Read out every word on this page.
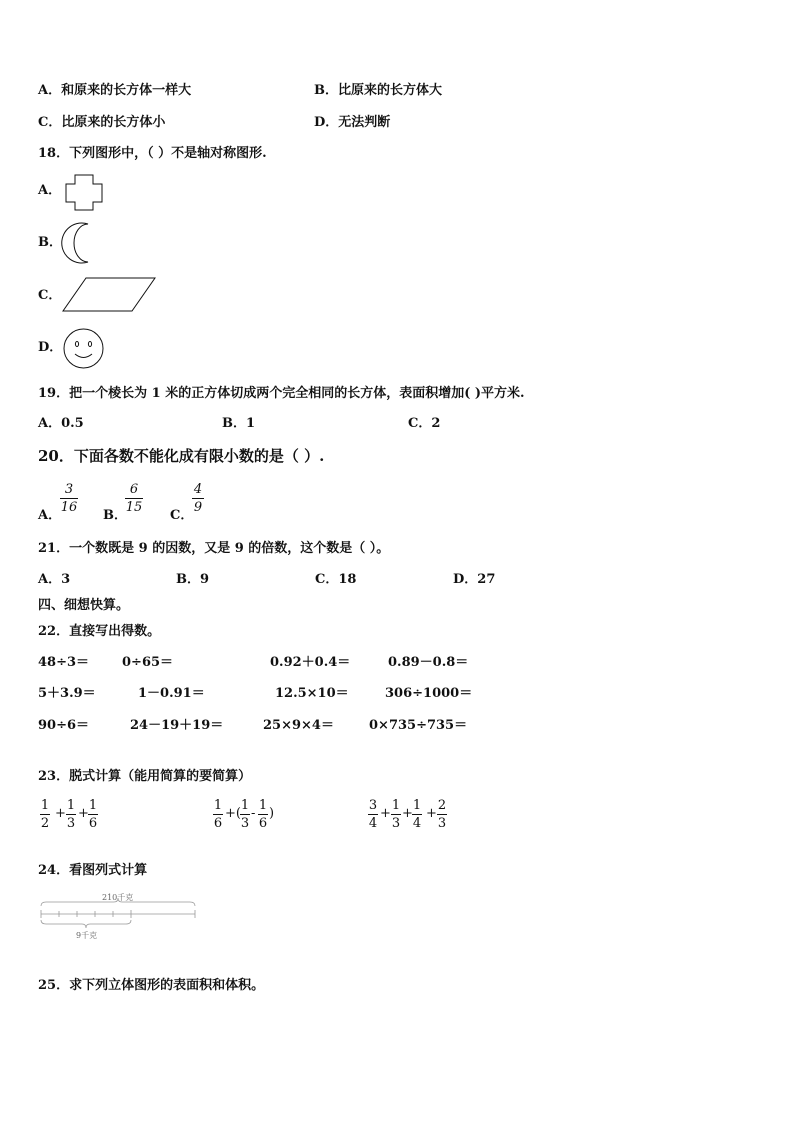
A．和原来的长方体一样大	B．比原来的长方体大
C．比原来的长方体小	D．无法判断
18．下列图形中，（ ）不是轴对称图形.
A．
B．
C．
D．
19．把一个棱长为 1 米的正方体切成两个完全相同的长方体，表面积增加( )平方米.
A．0.5	B．1	C．2
20．下面各数不能化成有限小数的是（ ）.
A．
3
16
B．
6
15
C．
4
9
21．一个数既是 9 的因数，又是 9 的倍数，这个数是（ ）。
A．3	B．9	C．18	D．27
四、细想快算。
22．直接写出得数。
48÷3＝	0÷65＝	0.92＋0.4＝	0.89－0.8＝
5＋3.9＝	1－0.91＝	12.5×10＝	306÷1000＝
90÷6＝	24－19＋19＝	25×9×4＝	0×735÷735＝
23．脱式计算（能用简算的要简算）
1
2
+
1
3
+
1
6
1
6
+(
1
3
-
1
6
)
3
4
+
1
3
+
1
4
+
2
3
24．看图列式计算
210千克
9千克
25．求下列立体图形的表面积和体积。
